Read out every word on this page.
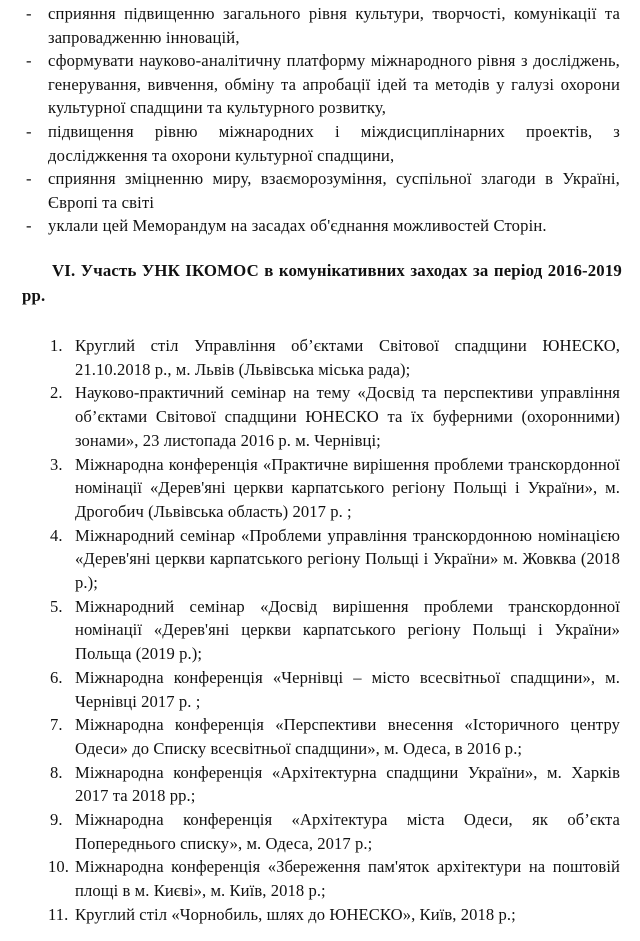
- сприяння підвищенню загального рівня культури, творчості, комунікації та запровадженню інновацій,
- сформувати науково-аналітичну платформу міжнародного рівня з досліджень, генерування, вивчення, обміну та апробації ідей та методів у галузі охорони культурної спадщини та культурного розвитку,
- підвищення рівню міжнародних і міждисциплінарних проектів, з досліджкення та охорони культурної спадщини,
- сприяння зміцненню миру, взаєморозуміння, суспільної злагоди в Україні, Європі та світі
- уклали цей Меморандум на засадах об'єднання можливостей Сторін.
VI. Участь УНК ІКОМОС в комунікативних заходах за період 2016-2019 рр.
1. Круглий стіл Управління об’єктами Світової спадщини ЮНЕСКО, 21.10.2018 р., м. Львів (Львівська міська рада);
2. Науково-практичний семінар на тему «Досвід та перспективи управління об’єктами Світової спадщини ЮНЕСКО та їх буферними (охоронними) зонами», 23 листопада 2016 р. м. Чернівці;
3. Міжнародна конференція «Практичне вирішення проблеми транскордонної номінації «Дерев'яні церкви карпатського регіону Польщі і України», м. Дрогобич (Львівська область) 2017 р. ;
4. Міжнародний семінар «Проблеми управління транскордонною номінацією «Дерев'яні церкви карпатського регіону Польщі і України» м. Жовква (2018 р.);
5. Міжнародний семінар «Досвід вирішення проблеми транскордонної номінації «Дерев'яні церкви карпатського регіону Польщі і України» Польща (2019 р.);
6. Міжнародна конференція «Чернівці – місто всесвітньої спадщини», м. Чернівці 2017 р. ;
7. Міжнародна конференція «Перспективи внесення «Історичного центру Одеси» до Списку всесвітньої спадщини», м. Одеса, в 2016 р.;
8. Міжнародна конференція «Архітектурна спадщини України», м. Харків 2017 та 2018 рр.;
9. Міжнародна конференція «Архітектура міста Одеси, як об’єкта Попереднього списку», м. Одеса, 2017 р.;
10. Міжнародна конференція «Збереження пам'яток архітектури на поштовій площі в м. Києві», м. Київ, 2018 р.;
11. Круглий стіл «Чорнобиль, шлях до ЮНЕСКО», Київ, 2018 р.;
